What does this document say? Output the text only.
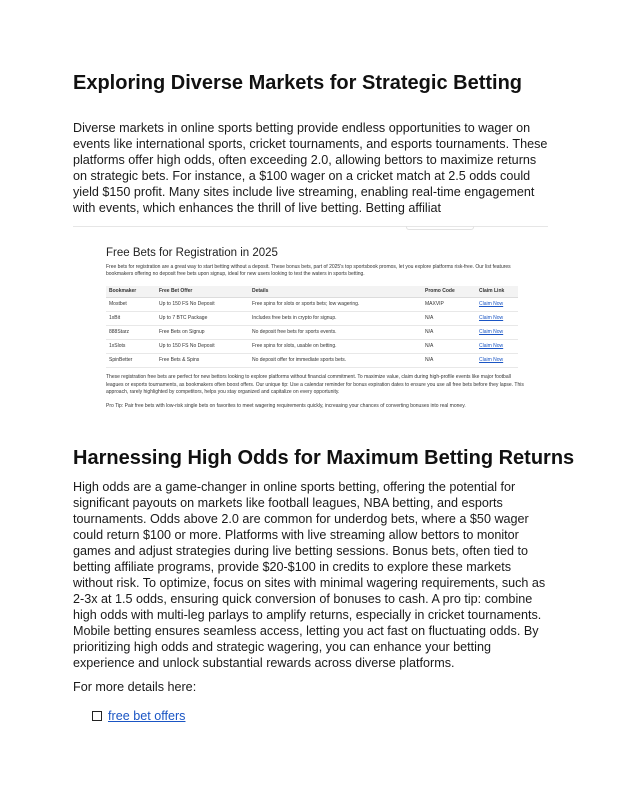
Exploring Diverse Markets for Strategic Betting

Diverse markets in online sports betting provide endless opportunities to wager on events like international sports, cricket tournaments, and esports tournaments. These platforms offer high odds, often exceeding 2.0, allowing bettors to maximize returns on strategic bets. For instance, a $100 wager on a cricket match at 2.5 odds could yield $150 profit. Many sites include live streaming, enabling real-time engagement with events, which enhances the thrill of live betting. Betting affiliat

Free Bets for Registration in 2025
Free bets for registration are a great way to start betting without a deposit. These bonus bets, part of 2025's top sportsbook promos, let you explore platforms risk-free. Our list features bookmakers offering no deposit free bets upon signup, ideal for new users looking to test the waters in sports betting.
Bookmaker	Free Bet Offer	Details	Promo Code	Claim Link
Mostbet	Up to 150 FS No Deposit	Free spins for slots or sports bets; low wagering.	MAXVIP	Claim Now
1xBit	Up to 7 BTC Package	Includes free bets in crypto for signup.	N/A	Claim Now
888Starz	Free Bets on Signup	No deposit free bets for sports events.	N/A	Claim Now
1xSlots	Up to 150 FS No Deposit	Free spins for slots, usable on betting.	N/A	Claim Now
SpinBetter	Free Bets & Spins	No deposit offer for immediate sports bets.	N/A	Claim Now
These registration free bets are perfect for new bettors looking to explore platforms without financial commitment. To maximize value, claim during high-profile events like major football leagues or esports tournaments, as bookmakers often boost offers. Our unique tip: Use a calendar reminder for bonus expiration dates to ensure you use all free bets before they lapse. This approach, rarely highlighted by competitors, helps you stay organized and capitalize on every opportunity.
Pro Tip: Pair free bets with low-risk single bets on favorites to meet wagering requirements quickly, increasing your chances of converting bonuses into real money.
Harnessing High Odds for Maximum Betting Returns

High odds are a game-changer in online sports betting, offering the potential for significant payouts on markets like football leagues, NBA betting, and esports tournaments. Odds above 2.0 are common for underdog bets, where a $50 wager could return $100 or more. Platforms with live streaming allow bettors to monitor games and adjust strategies during live betting sessions. Bonus bets, often tied to betting affiliate programs, provide $20-$100 in credits to explore these markets without risk. To optimize, focus on sites with minimal wagering requirements, such as 2-3x at 1.5 odds, ensuring quick conversion of bonuses to cash. A pro tip: combine high odds with multi-leg parlays to amplify returns, especially in cricket tournaments. Mobile betting ensures seamless access, letting you act fast on fluctuating odds. By prioritizing high odds and strategic wagering, you can enhance your betting experience and unlock substantial rewards across diverse platforms.

For more details here:

free bet offers
